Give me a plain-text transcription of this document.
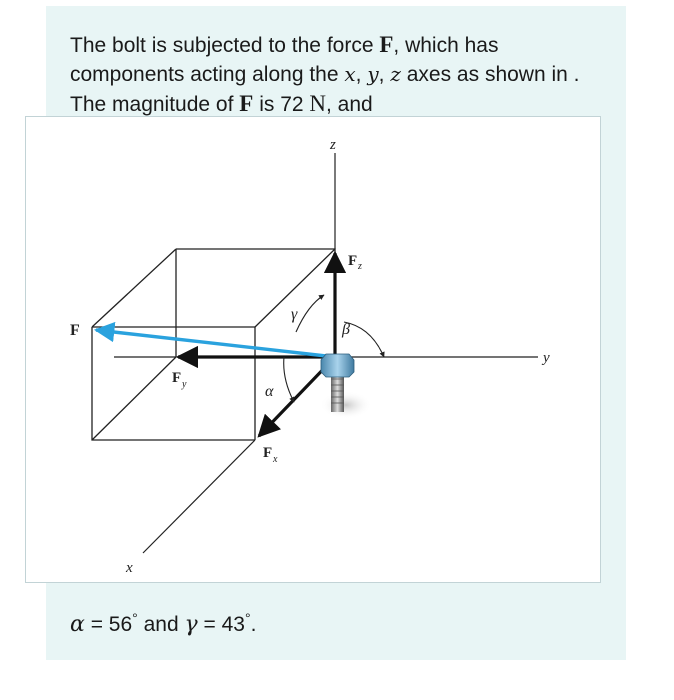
The bolt is subjected to the force F, which has components acting along the x, y, z axes as shown in . The magnitude of F is 72 N, and
z
y
x
F
F z
F y
F x
α
β
γ
α = 56° and γ = 43°.
